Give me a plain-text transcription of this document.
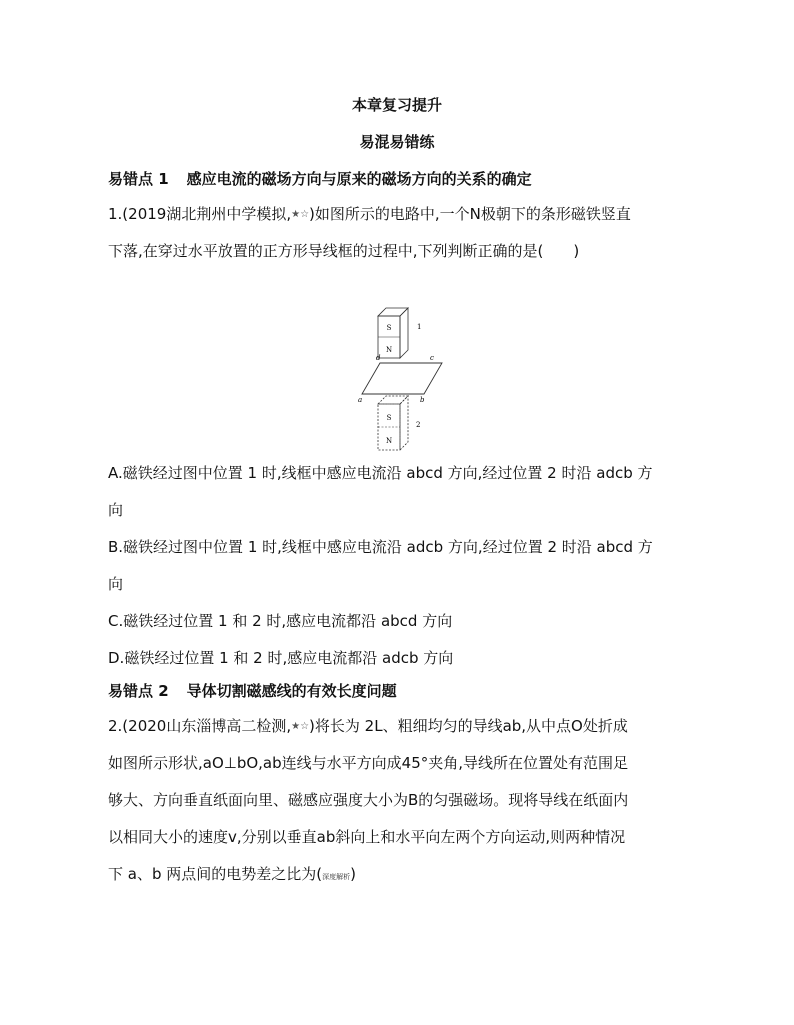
本章复习提升
易混易错练
易错点 1 感应电流的磁场方向与原来的磁场方向的关系的确定
1.(2019湖北荆州中学模拟,★☆)如图所示的电路中,一个N极朝下的条形磁铁竖直
下落,在穿过水平放置的正方形导线框的过程中,下列判断正确的是(　　)
S
N
1
d	c
a	b
S
N
2
A.磁铁经过图中位置 1 时,线框中感应电流沿 abcd 方向,经过位置 2 时沿 adcb 方
向
B.磁铁经过图中位置 1 时,线框中感应电流沿 adcb 方向,经过位置 2 时沿 abcd 方
向
C.磁铁经过位置 1 和 2 时,感应电流都沿 abcd 方向
D.磁铁经过位置 1 和 2 时,感应电流都沿 adcb 方向
易错点 2 导体切割磁感线的有效长度问题
2.(2020山东淄博高二检测,★☆)将长为 2L、粗细均匀的导线ab,从中点O处折成
如图所示形状,aO⊥bO,ab连线与水平方向成45°夹角,导线所在位置处有范围足
够大、方向垂直纸面向里、磁感应强度大小为B的匀强磁场。现将导线在纸面内
以相同大小的速度v,分别以垂直ab斜向上和水平向左两个方向运动,则两种情况
下 a、b 两点间的电势差之比为(深度解析)
